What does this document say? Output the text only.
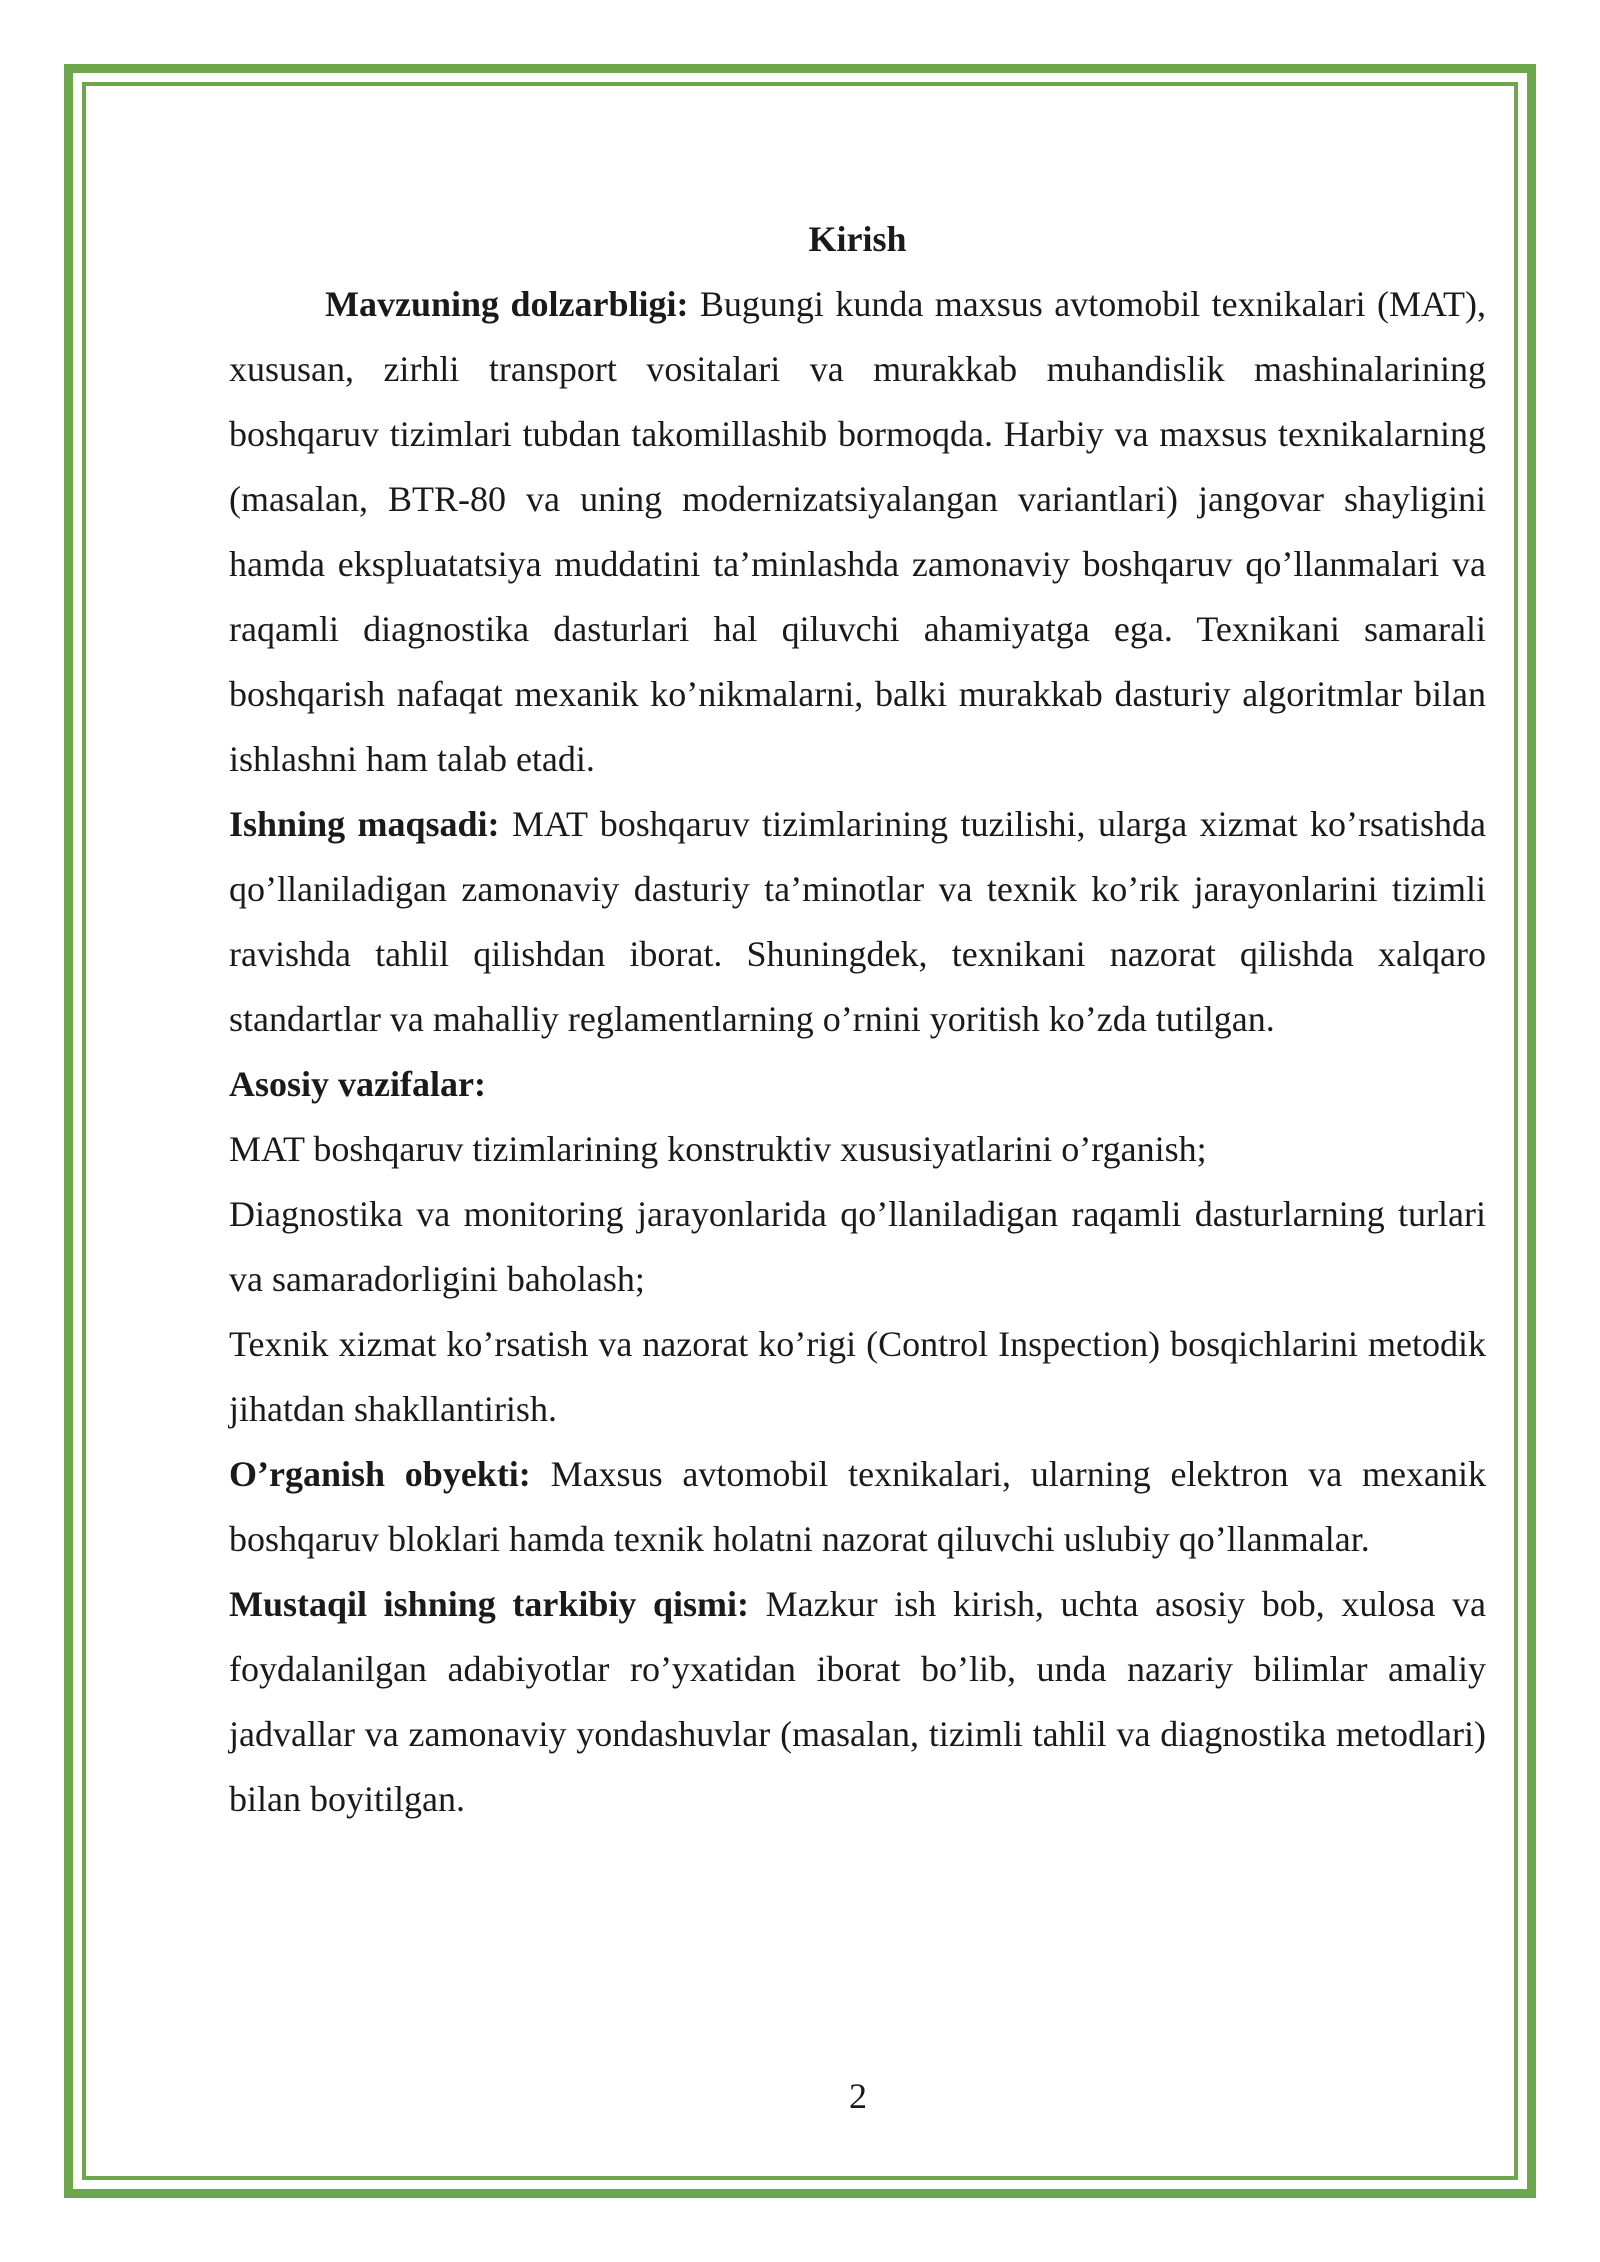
Kirish

Mavzuning dolzarbligi: Bugungi kunda maxsus avtomobil texnikalari (MAT), xususan, zirhli transport vositalari va murakkab muhandislik mashinalarining boshqaruv tizimlari tubdan takomillashib bormoqda. Harbiy va maxsus texnikalarning (masalan, BTR-80 va uning modernizatsiyalangan variantlari) jangovar shayligini hamda ekspluatatsiya muddatini ta’minlashda zamonaviy boshqaruv qo’llanmalari va raqamli diagnostika dasturlari hal qiluvchi ahamiyatga ega. Texnikani samarali boshqarish nafaqat mexanik ko’nikmalarni, balki murakkab dasturiy algoritmlar bilan ishlashni ham talab etadi.

Ishning maqsadi: MAT boshqaruv tizimlarining tuzilishi, ularga xizmat ko’rsatishda qo’llaniladigan zamonaviy dasturiy ta’minotlar va texnik ko’rik jarayonlarini tizimli ravishda tahlil qilishdan iborat. Shuningdek, texnikani nazorat qilishda xalqaro standartlar va mahalliy reglamentlarning o’rnini yoritish ko’zda tutilgan.

Asosiy vazifalar:

MAT boshqaruv tizimlarining konstruktiv xususiyatlarini o’rganish;

Diagnostika va monitoring jarayonlarida qo’llaniladigan raqamli dasturlarning turlari va samaradorligini baholash;

Texnik xizmat ko’rsatish va nazorat ko’rigi (Control Inspection) bosqichlarini metodik jihatdan shakllantirish.

O’rganish obyekti: Maxsus avtomobil texnikalari, ularning elektron va mexanik boshqaruv bloklari hamda texnik holatni nazorat qiluvchi uslubiy qo’llanmalar.

Mustaqil ishning tarkibiy qismi: Mazkur ish kirish, uchta asosiy bob, xulosa va foydalanilgan adabiyotlar ro’yxatidan iborat bo’lib, unda nazariy bilimlar amaliy jadvallar va zamonaviy yondashuvlar (masalan, tizimli tahlil va diagnostika metodlari) bilan boyitilgan.

2
